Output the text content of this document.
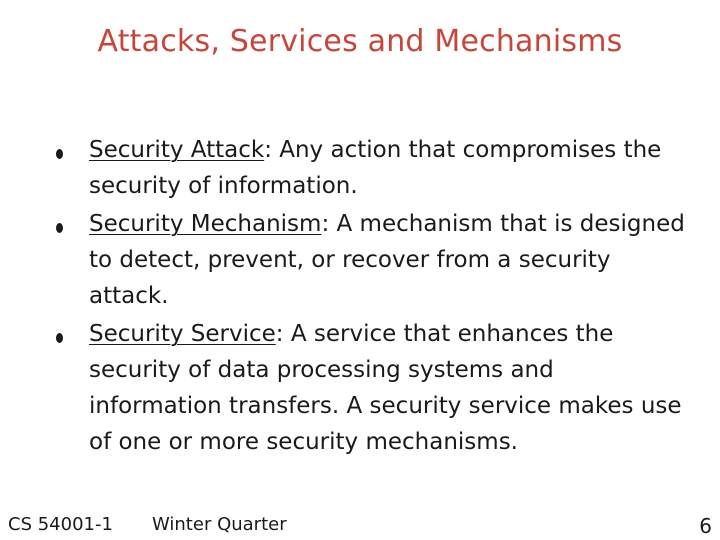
Attacks, Services and Mechanisms
Security Attack: Any action that compromises the security of information.
Security Mechanism: A mechanism that is designed to detect, prevent, or recover from a security attack.
Security Service: A service that enhances the security of data processing systems and information transfers. A security service makes use of one or more security mechanisms.
CS 54001-1 Winter Quarter	6
